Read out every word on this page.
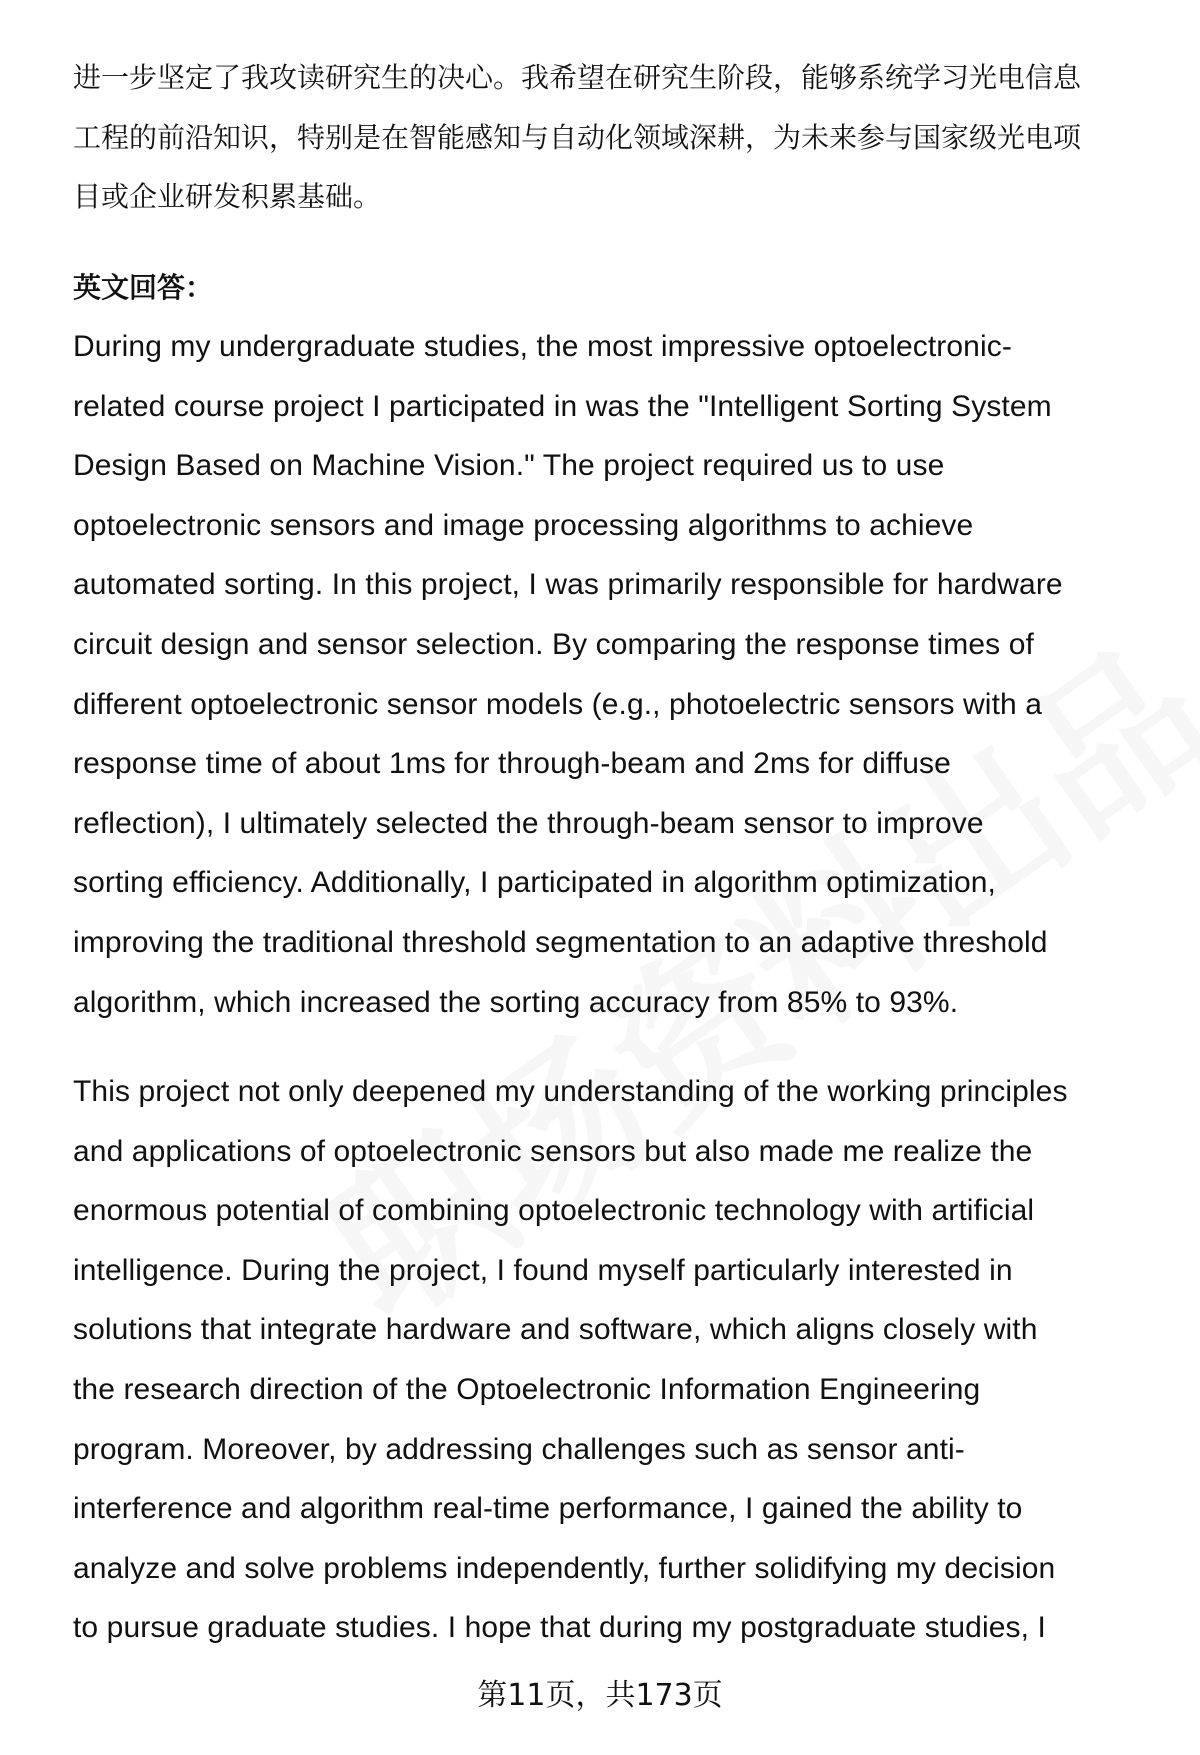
进一步坚定了我攻读研究生的决心。我希望在研究生阶段，能够系统学习光电信息
工程的前沿知识，特别是在智能感知与自动化领域深耕，为未来参与国家级光电项
目或企业研发积累基础。
英文回答：
During my undergraduate studies, the most impressive optoelectronic-
related course project I participated in was the "Intelligent Sorting System
Design Based on Machine Vision." The project required us to use
optoelectronic sensors and image processing algorithms to achieve
automated sorting. In this project, I was primarily responsible for hardware
circuit design and sensor selection. By comparing the response times of
different optoelectronic sensor models (e.g., photoelectric sensors with a
response time of about 1ms for through-beam and 2ms for diffuse
reflection), I ultimately selected the through-beam sensor to improve
sorting efficiency. Additionally, I participated in algorithm optimization,
improving the traditional threshold segmentation to an adaptive threshold
algorithm, which increased the sorting accuracy from 85% to 93%.
This project not only deepened my understanding of the working principles
and applications of optoelectronic sensors but also made me realize the
enormous potential of combining optoelectronic technology with artificial
intelligence. During the project, I found myself particularly interested in
solutions that integrate hardware and software, which aligns closely with
the research direction of the Optoelectronic Information Engineering
program. Moreover, by addressing challenges such as sensor anti-
interference and algorithm real-time performance, I gained the ability to
analyze and solve problems independently, further solidifying my decision
to pursue graduate studies. I hope that during my postgraduate studies, I
第11页，共173页
